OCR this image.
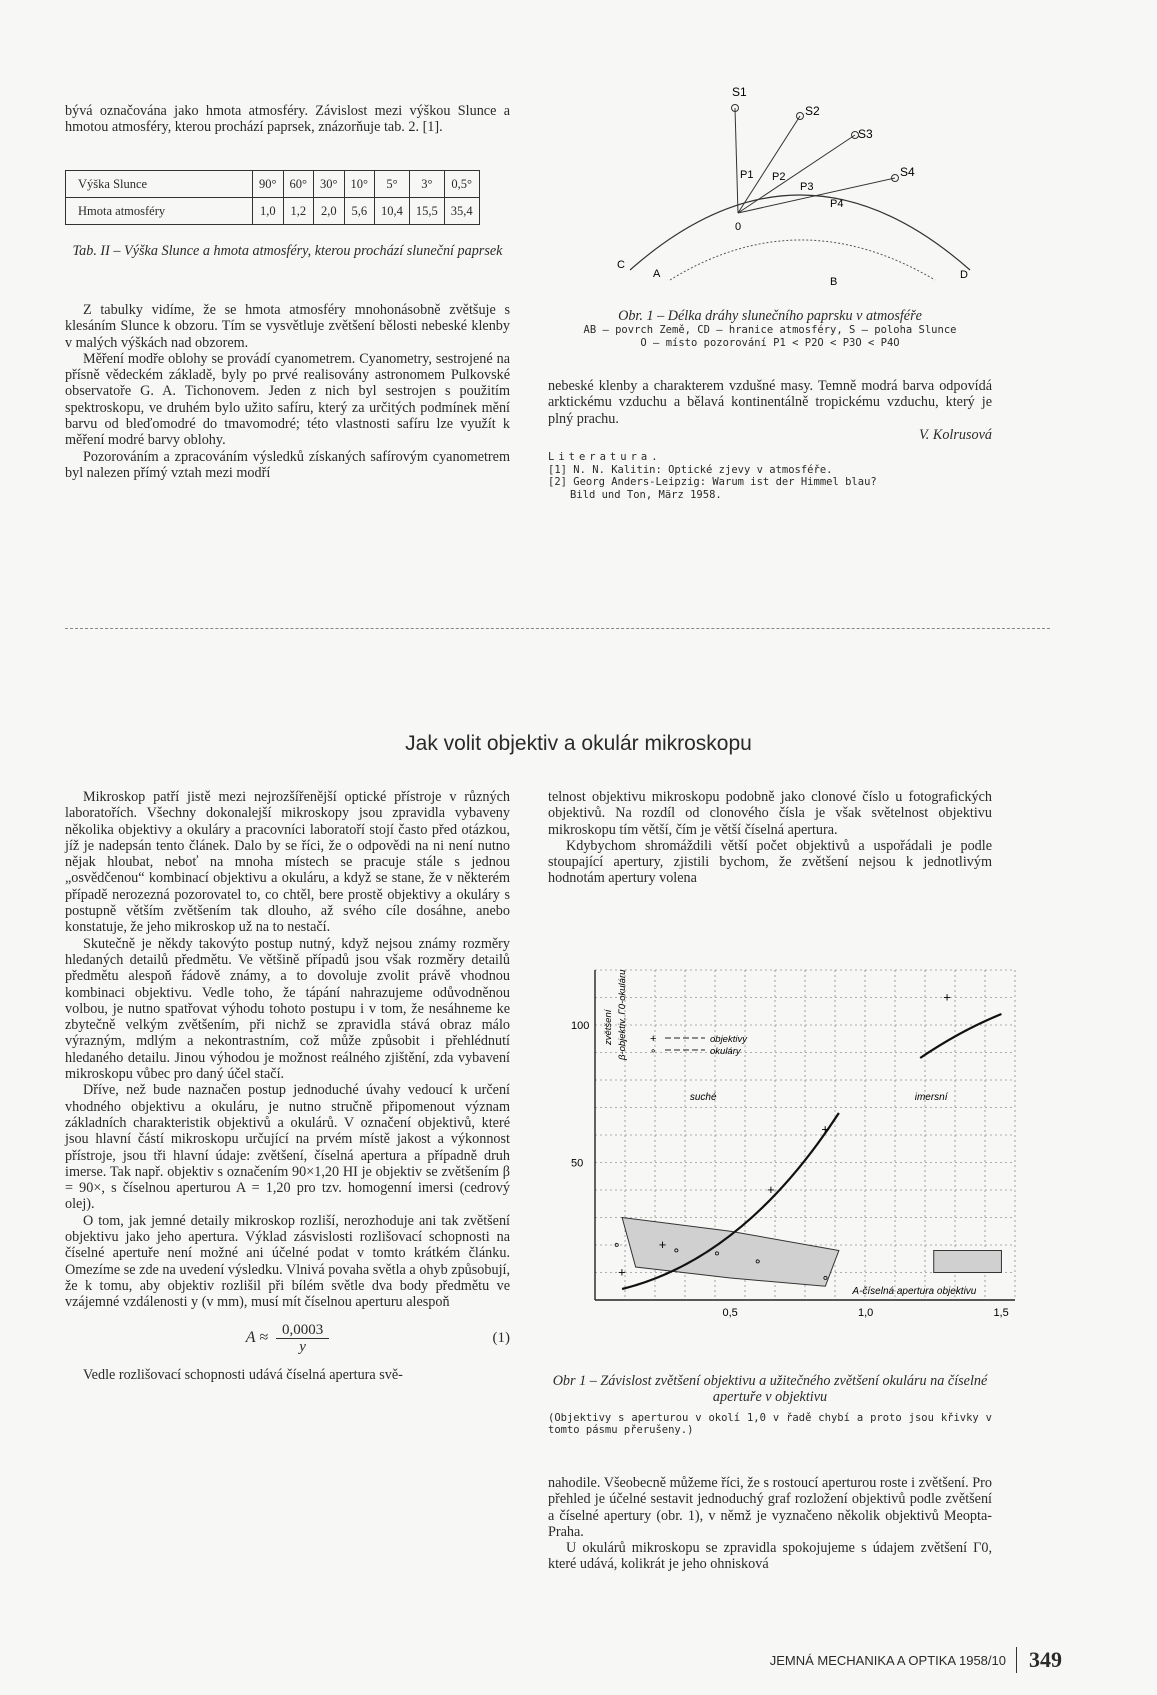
bývá označována jako hmota atmosféry. Závislost mezi výškou Slunce a hmotou atmosféry, kterou prochází paprsek, znázorňuje tab. 2. [1].

Výška Slunce	90°	60°	30°	10°	5°	3°	0,5°
Hmota atmosféry	1,0	1,2	2,0	5,6	10,4	15,5	35,4

Tab. II – Výška Slunce a hmota atmosféry, kterou prochází sluneční paprsek

Z tabulky vidíme, že se hmota atmosféry mnohonásobně zvětšuje s klesáním Slunce k obzoru. Tím se vysvětluje zvětšení bělosti nebeské klenby v malých výškách nad obzorem.

Měření modře oblohy se provádí cyanometrem. Cyanometry, sestrojené na přísně vědeckém základě, byly po prvé realisovány astronomem Pulkovské observatoře G. A. Tichonovem. Jeden z nich byl sestrojen s použitím spektroskopu, ve druhém bylo užito safíru, který za určitých podmínek mění barvu od bleďomodré do tmavomodré; této vlastnosti safíru lze využít k měření modré barvy oblohy.

Pozorováním a zpracováním výsledků získaných safírovým cyanometrem byl nalezen přímý vztah mezi modří

S1
S2
S3
S4
P1 P2
P3
P4
0
A
B
C
D

Obr. 1 – Délka dráhy slunečního paprsku v atmosféře

AB – povrch Země, CD – hranice atmosféry, S – poloha Slunce

O – místo pozorování P1 < P2O < P3O < P4O

nebeské klenby a charakterem vzdušné masy. Temně modrá barva odpovídá arktickému vzduchu a bělavá kontinentálně tropickému vzduchu, který je plný prachu.

V. Kolrusová

Literatura.

[1] N. N. Kalitin: Optické zjevy v atmosféře.

[2] Georg Anders-Leipzig: Warum ist der Himmel blau?

Bild und Ton, März 1958.

Jak volit objektiv a okulár mikroskopu

Mikroskop patří jistě mezi nejrozšířenější optické přístroje v různých laboratořích. Všechny dokonalejší mikroskopy jsou zpravidla vybaveny několika objektivy a okuláry a pracovníci laboratoří stojí často před otázkou, jíž je nadepsán tento článek. Dalo by se říci, že o odpovědi na ni není nutno nějak hloubat, neboť na mnoha místech se pracuje stále s jednou „osvědčenou“ kombinací objektivu a okuláru, a když se stane, že v některém případě nerozezná pozorovatel to, co chtěl, bere prostě objektivy a okuláry s postupně větším zvětšením tak dlouho, až svého cíle dosáhne, anebo konstatuje, že jeho mikroskop už na to nestačí.

Skutečně je někdy takovýto postup nutný, když nejsou známy rozměry hledaných detailů předmětu. Ve většině případů jsou však rozměry detailů předmětu alespoň řádově známy, a to dovoluje zvolit právě vhodnou kombinaci objektivu. Vedle toho, že tápání nahrazujeme odůvodněnou volbou, je nutno spatřovat výhodu tohoto postupu i v tom, že nesáhneme ke zbytečně velkým zvětšením, při nichž se zpravidla stává obraz málo výrazným, mdlým a nekontrastním, což může způsobit i přehlédnutí hledaného detailu. Jinou výhodou je možnost reálného zjištění, zda vybavení mikroskopu vůbec pro daný účel stačí.

Dříve, než bude naznačen postup jednoduché úvahy vedoucí k určení vhodného objektivu a okuláru, je nutno stručně připomenout význam základních charakteristik objektivů a okulárů. V označení objektivů, které jsou hlavní částí mikroskopu určující na prvém místě jakost a výkonnost přístroje, jsou tři hlavní údaje: zvětšení, číselná apertura a případně druh imerse. Tak např. objektiv s označením 90×1,20 HI je objektiv se zvětšením β = 90×, s číselnou aperturou A = 1,20 pro tzv. homogenní imersi (cedrový olej).

O tom, jak jemné detaily mikroskop rozliší, nerozhoduje ani tak zvětšení objektivu jako jeho apertura. Výklad zásvislosti rozlišovací schopnosti na číselné apertuře není možné ani účelné podat v tomto krátkém článku. Omezíme se zde na uvedení výsledku. Vlnivá povaha světla a ohyb způsobují, že k tomu, aby objektiv rozlišil při bílém světle dva body předmětu ve vzájemné vzdálenosti y (v mm), musí mít číselnou aperturu alespoň

$A \approx \frac{0,0003}{y}$	(1)

Vedle rozlišovací schopnosti udává číselná apertura svě-

telnost objektivu mikroskopu podobně jako clonové číslo u fotografických objektivů. Na rozdíl od clonového čísla je však světelnost objektivu mikroskopu tím větší, čím je větší číselná apertura.

Kdybychom shromáždili větší počet objektivů a uspořádali je podle stoupající apertury, zjistili bychom, že zvětšení nejsou k jednotlivým hodnotám apertury volena

0,5	1,0	1,5
50
100
A-číselná apertura objektivu
β-objektiv, Γ0-okuláru
zvětšení	+	objektivy
∘	okuláry
suché	imersní
+
+
+
+
+
∘	∘	∘
∘
∘

Obr 1 – Závislost zvětšení objektivu a užitečného zvětšení okuláru na číselné apertuře v objektivu

(Objektivy s aperturou v okolí 1,0 v řadě chybí a proto jsou křivky v tomto pásmu přerušeny.)

nahodile. Všeobecně můžeme říci, že s rostoucí aperturou roste i zvětšení. Pro přehled je účelné sestavit jednoduchý graf rozložení objektivů podle zvětšení a číselné apertury (obr. 1), v němž je vyznačeno několik objektivů Meopta-Praha.

U okulárů mikroskopu se zpravidla spokojujeme s údajem zvětšení Γ0, které udává, kolikrát je jeho ohnisková

JEMNÁ MECHANIKA A OPTIKA 1958/10	349
